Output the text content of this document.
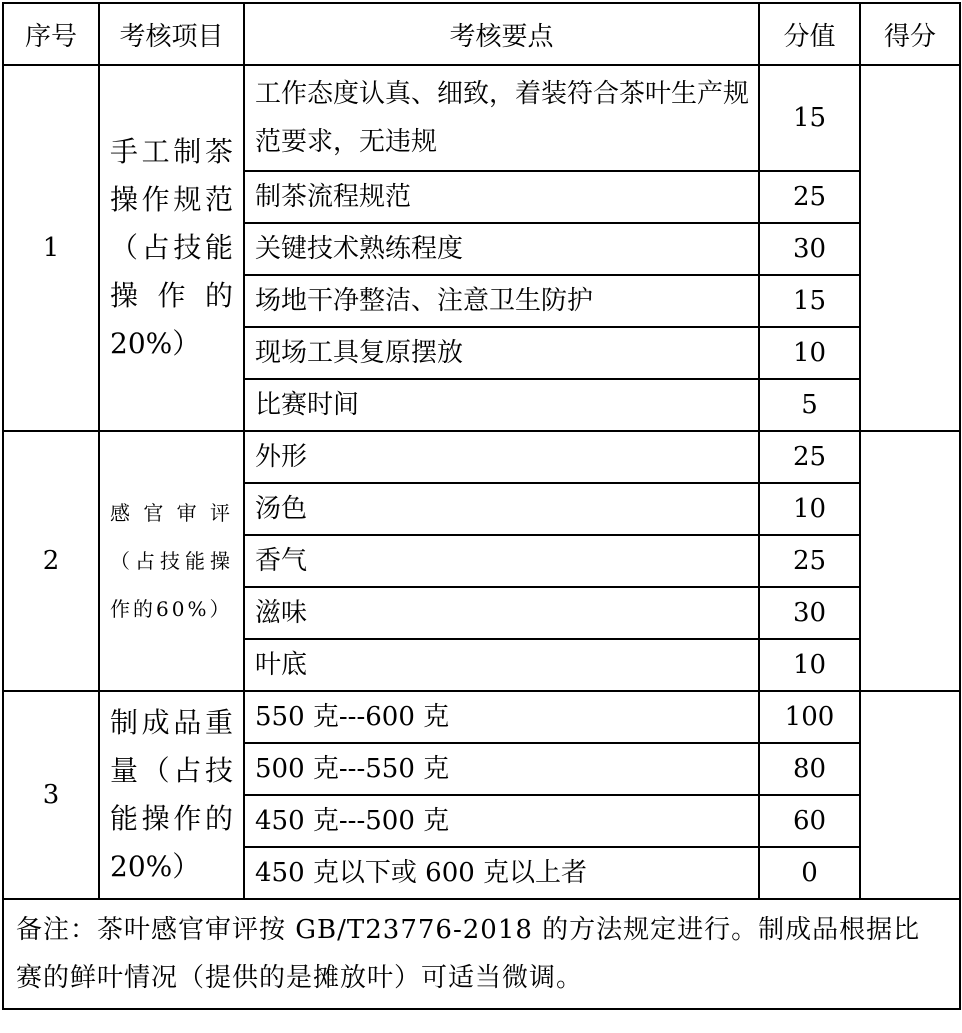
序号	考核项目	考核要点	分值	得分
1	手工制茶操作规范（占技能操作的20%）	工作态度认真、细致，着装符合茶叶生产规范要求，无违规	15	
		制茶流程规范	25	
		关键技术熟练程度	30	
		场地干净整洁、注意卫生防护	15	
		现场工具复原摆放	10	
		比赛时间	5	
2	感官审评（占技能操作的60%）	外形	25	
		汤色	10	
		香气	25	
		滋味	30	
		叶底	10	
3	制成品重量（占技能操作的20%）	550 克---600 克	100	
		500 克---550 克	80	
		450 克---500 克	60	
		450 克以下或 600 克以上者	0	
备注：茶叶感官审评按 GB/T23776-2018 的方法规定进行。制成品根据比赛的鲜叶情况（提供的是摊放叶）可适当微调。				
